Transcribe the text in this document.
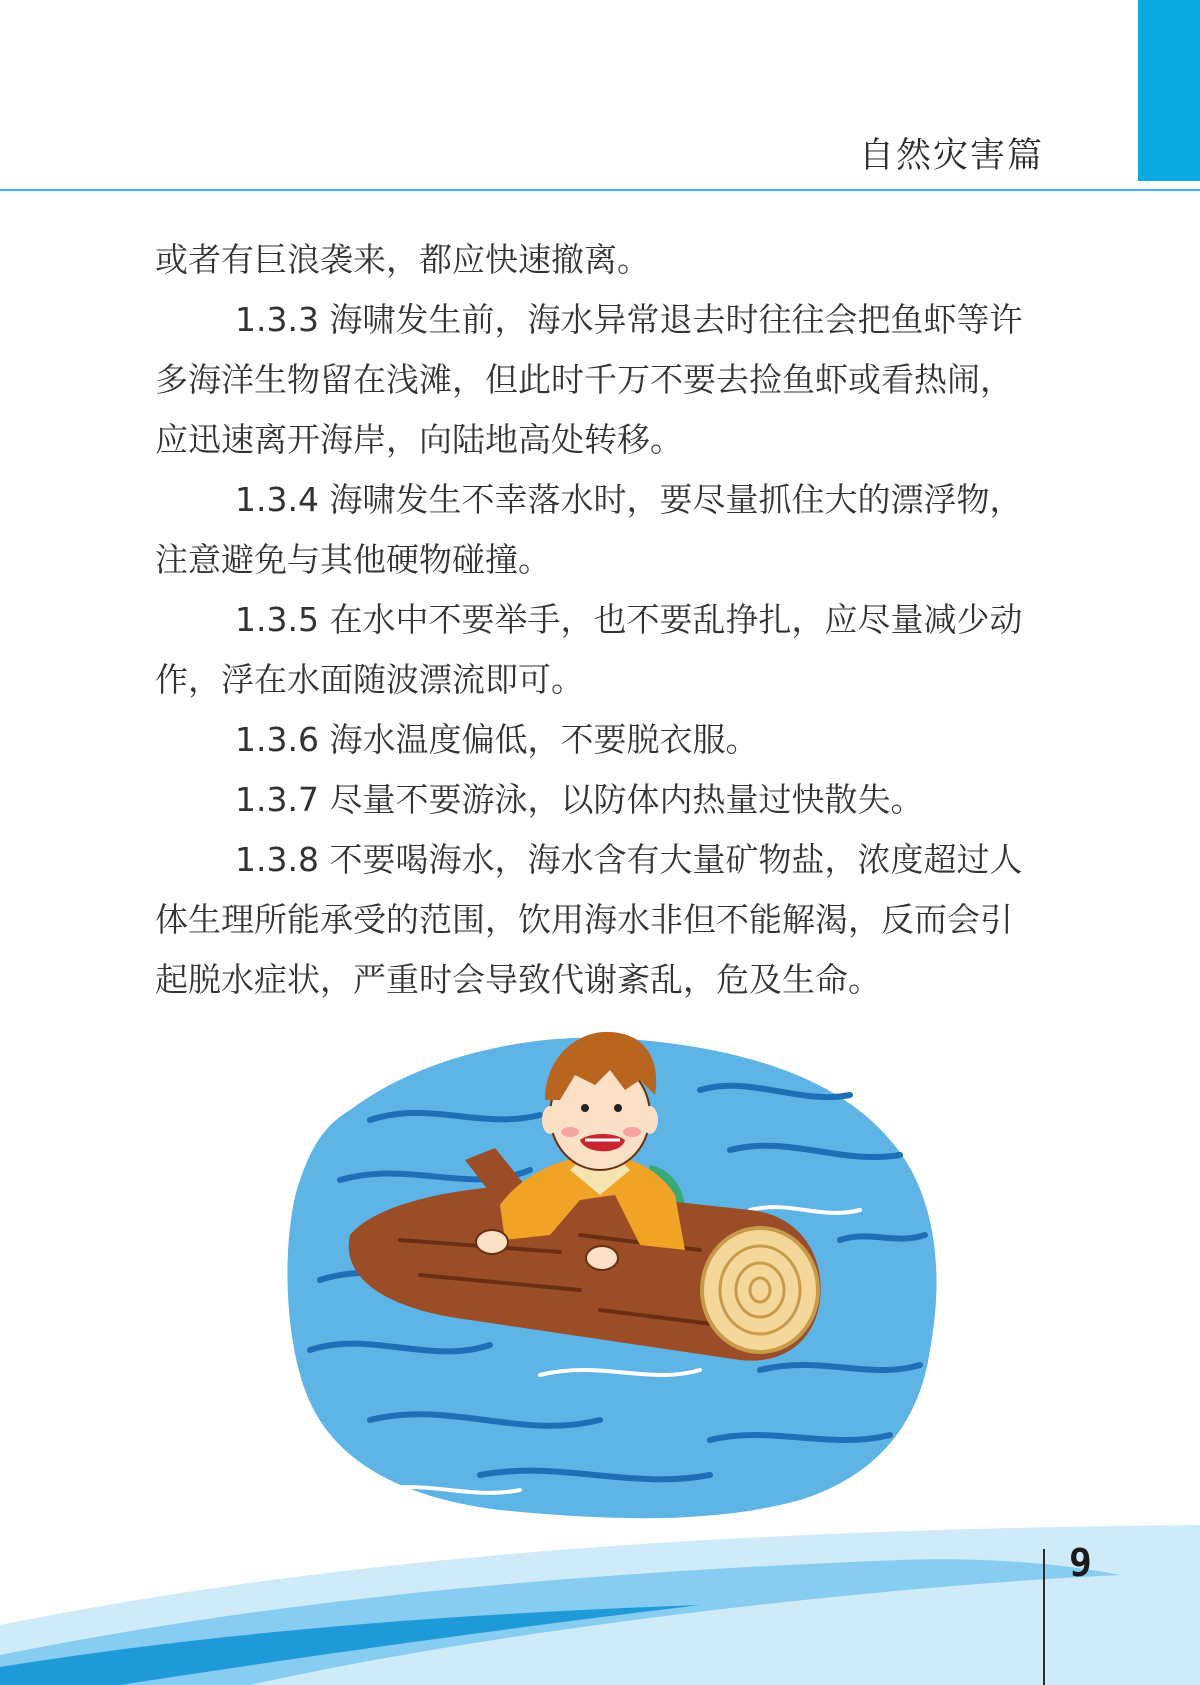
自然灾害篇

或者有巨浪袭来，都应快速撤离。

1.3.3 海啸发生前，海水异常退去时往往会把鱼虾等许多海洋生物留在浅滩，但此时千万不要去捡鱼虾或看热闹，应迅速离开海岸，向陆地高处转移。

1.3.4 海啸发生不幸落水时，要尽量抓住大的漂浮物，注意避免与其他硬物碰撞。

1.3.5 在水中不要举手，也不要乱挣扎，应尽量减少动作，浮在水面随波漂流即可。

1.3.6 海水温度偏低，不要脱衣服。

1.3.7 尽量不要游泳，以防体内热量过快散失。

1.3.8 不要喝海水，海水含有大量矿物盐，浓度超过人体生理所能承受的范围，饮用海水非但不能解渴，反而会引起脱水症状，严重时会导致代谢紊乱，危及生命。

9
